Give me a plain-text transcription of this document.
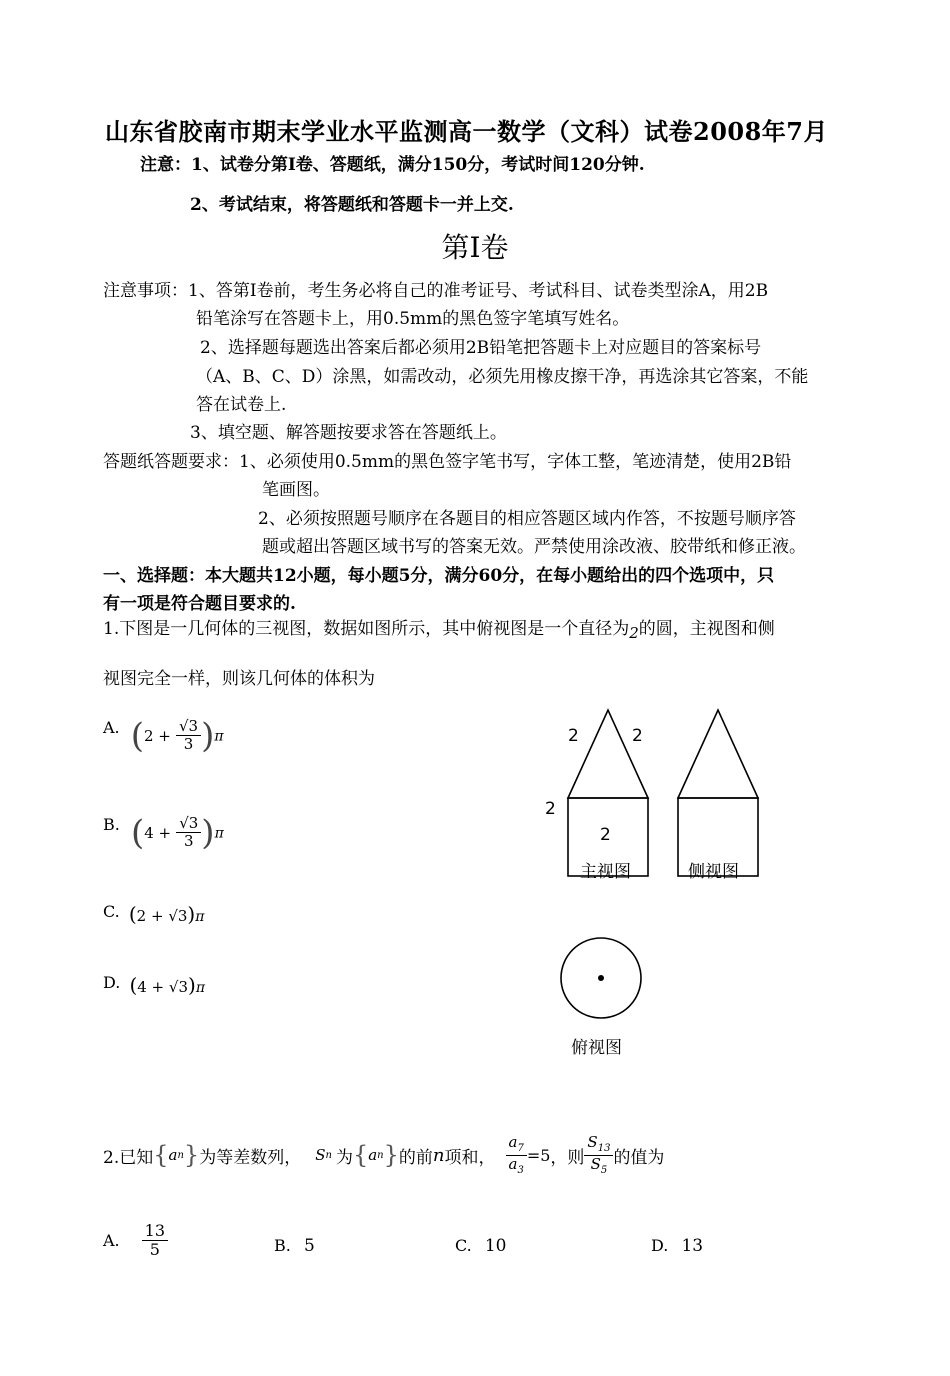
山东省胶南市期末学业水平监测高一数学（文科）试卷2008年7月
注意：1、试卷分第Ⅰ卷、答题纸，满分150分，考试时间120分钟.
2、考试结束，将答题纸和答题卡一并上交.
第Ⅰ卷
注意事项：1、答第Ⅰ卷前，考生务必将自己的准考证号、考试科目、试卷类型涂A，用2B
铅笔涂写在答题卡上，用0.5mm的黑色签字笔填写姓名。
2、选择题每题选出答案后都必须用2B铅笔把答题卡上对应题目的答案标号
（A、B、C、D）涂黑，如需改动，必须先用橡皮擦干净，再选涂其它答案，不能
答在试卷上.
3、填空题、解答题按要求答在答题纸上。
答题纸答题要求：1、必须使用0.5mm的黑色签字笔书写，字体工整，笔迹清楚，使用2B铅
笔画图。
2、必须按照题号顺序在各题目的相应答题区域内作答，不按题号顺序答
题或超出答题区域书写的答案无效。严禁使用涂改液、胶带纸和修正液。
一、选择题：本大题共12小题，每小题5分，满分60分，在每小题给出的四个选项中，只
有一项是符合题目要求的.
1.下图是一几何体的三视图，数据如图所示，其中俯视图是一个直径为2的圆，主视图和侧
视图完全一样，则该几何体的体积为
A. $(2 + \frac{√3}{3} )\pi$
B. $(4 + \frac{√3}{3} )\pi$
C. (2 + √3)π
D. (4 + √3)π
2	2
2
2
主视图	侧视图
俯视图
2.已知 { a n } 为等差数列， S n 为 { a n } 的前 n 项和， $\frac{a_7}{a_3} =5$ ，则 $\frac{S_{13}}{S_5}$ 的值为
A. $\frac{13}{5}$	B. 5	C. 10	D. 13
